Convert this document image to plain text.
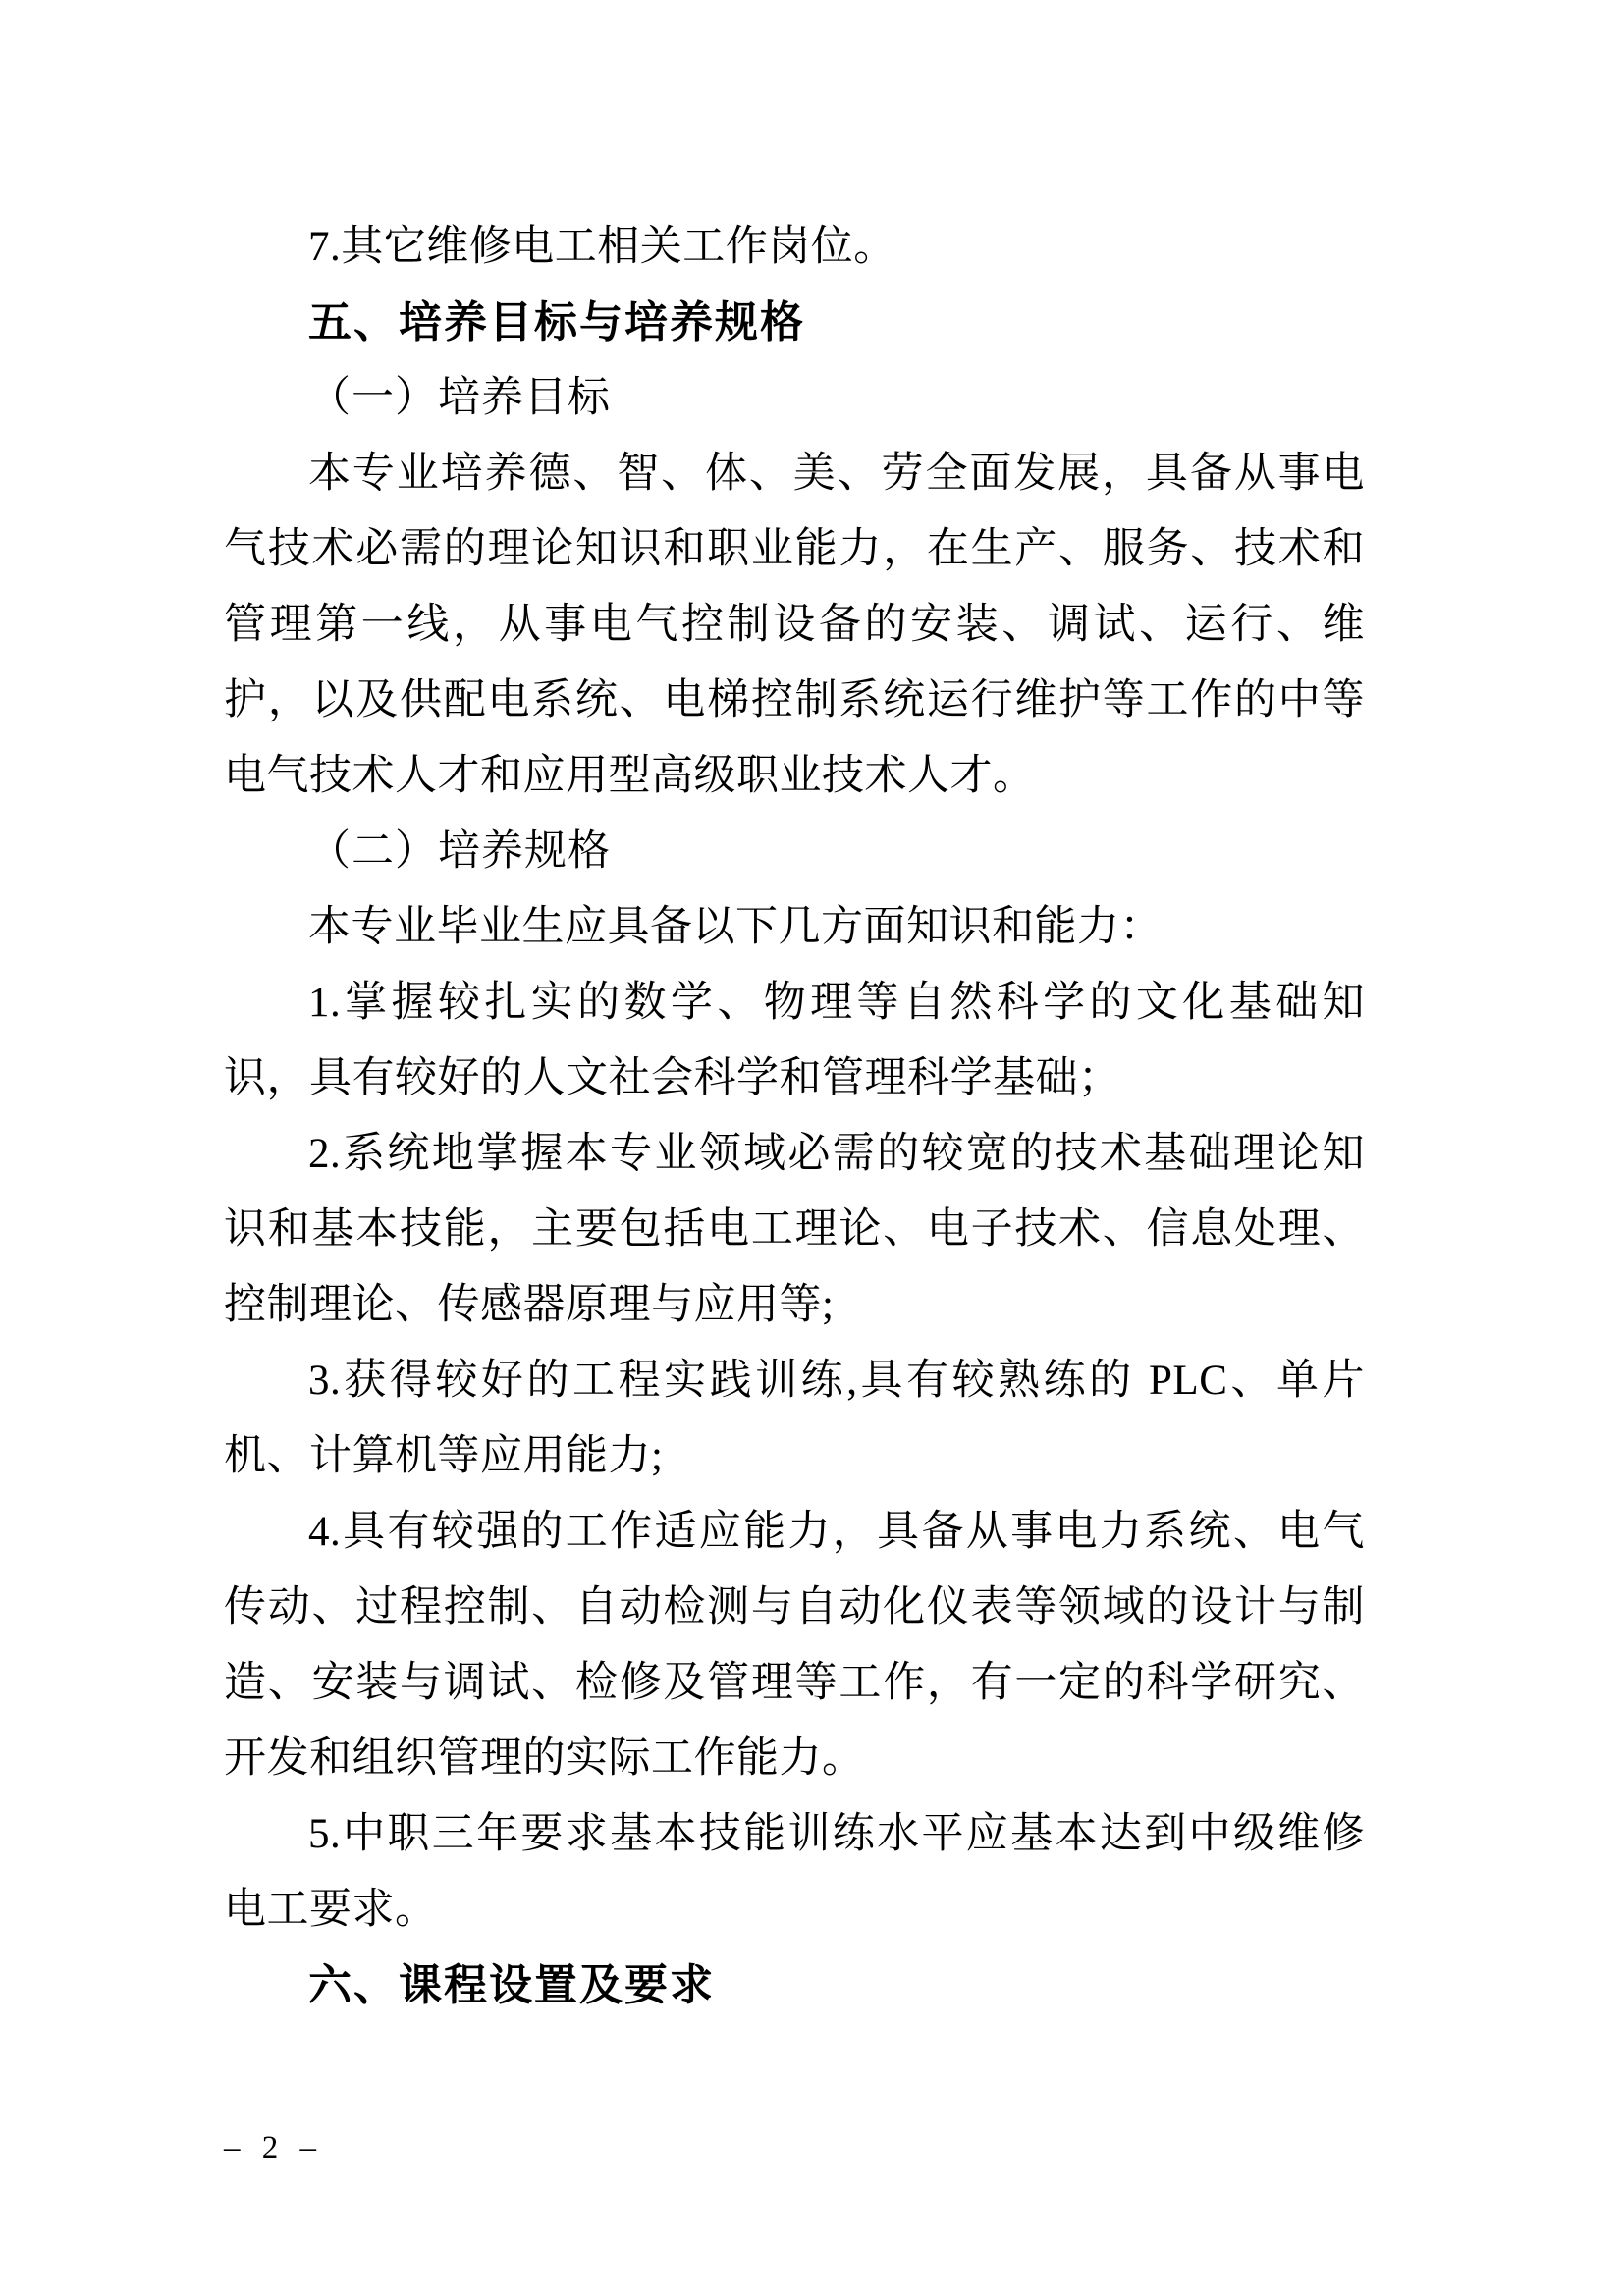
7.其它维修电工相关工作岗位。

五、培养目标与培养规格

（一）培养目标

本专业培养德、智、体、美、劳全面发展，具备从事电气技术必需的理论知识和职业能力，在生产、服务、技术和管理第一线，从事电气控制设备的安装、调试、运行、维护，以及供配电系统、电梯控制系统运行维护等工作的中等电气技术人才和应用型高级职业技术人才。

（二）培养规格

本专业毕业生应具备以下几方面知识和能力：

1.掌握较扎实的数学、物理等自然科学的文化基础知识，具有较好的人文社会科学和管理科学基础；

2.系统地掌握本专业领域必需的较宽的技术基础理论知识和基本技能，主要包括电工理论、电子技术、信息处理、控制理论、传感器原理与应用等;

3.获得较好的工程实践训练,具有较熟练的 PLC、单片机、计算机等应用能力;

4.具有较强的工作适应能力，具备从事电力系统、电气传动、过程控制、自动检测与自动化仪表等领域的设计与制造、安装与调试、检修及管理等工作，有一定的科学研究、开发和组织管理的实际工作能力。

5.中职三年要求基本技能训练水平应基本达到中级维修电工要求。

六、课程设置及要求

– 2 –
